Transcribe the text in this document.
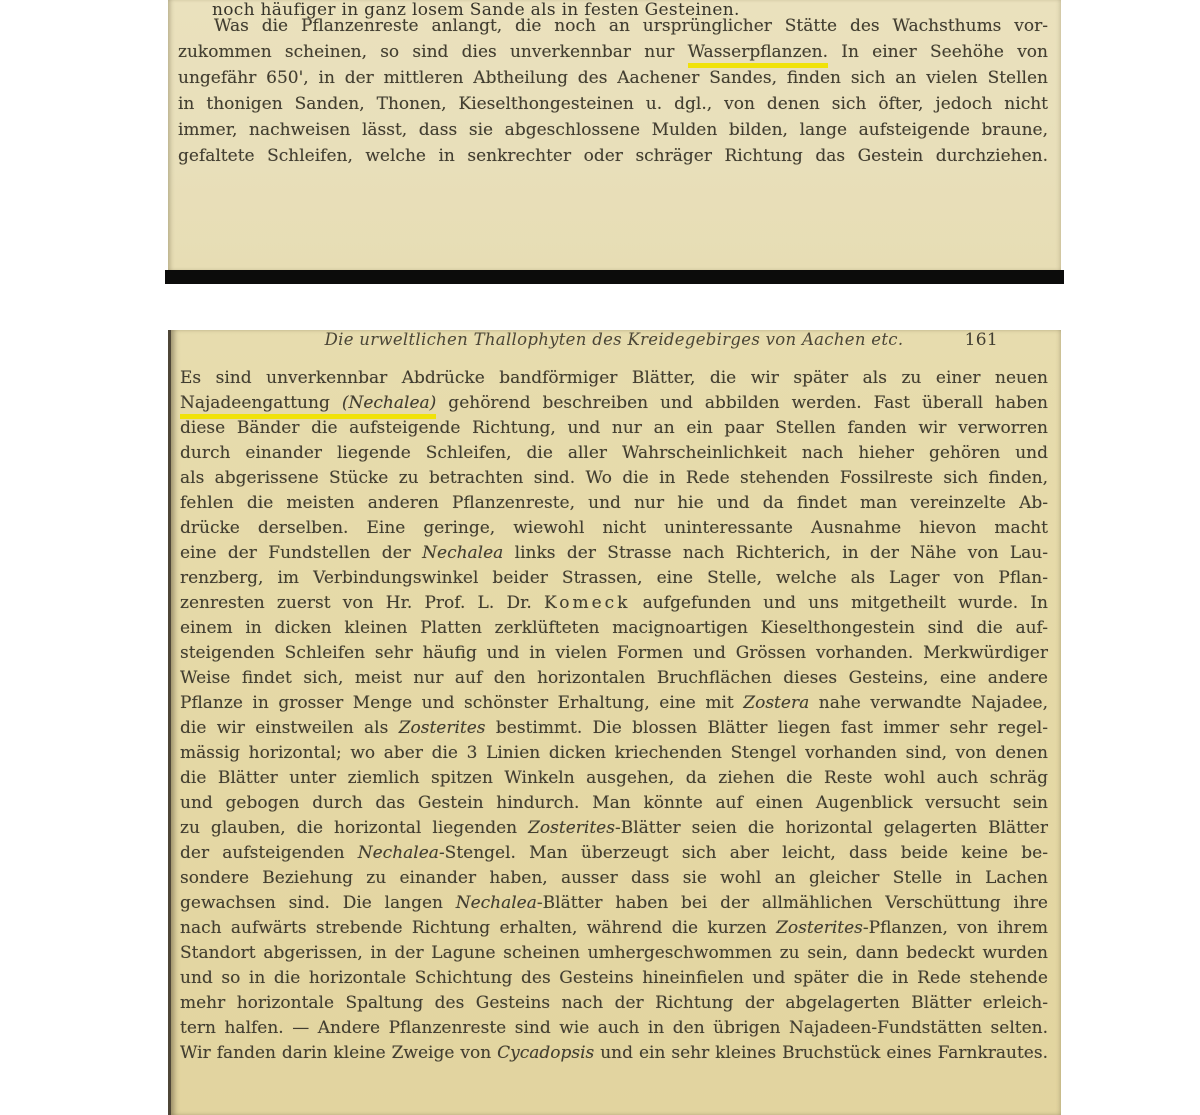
noch häufiger in ganz losem Sande als in festen Gesteinen.
Was die Pflanzenreste anlangt, die noch an ursprünglicher Stätte des Wachsthums vor-
zukommen scheinen, so sind dies unverkennbar nur Wasserpflanzen. In einer Seehöhe von
ungefähr 650', in der mittleren Abtheilung des Aachener Sandes, finden sich an vielen Stellen
in thonigen Sanden, Thonen, Kieselthongesteinen u. dgl., von denen sich öfter, jedoch nicht
immer, nachweisen lässt, dass sie abgeschlossene Mulden bilden, lange aufsteigende braune,
gefaltete Schleifen, welche in senkrechter oder schräger Richtung das Gestein durchziehen.
Die urweltlichen Thallophyten des Kreidegebirges von Aachen etc.	161
Es sind unverkennbar Abdrücke bandförmiger Blätter, die wir später als zu einer neuen
Najadeengattung (Nechalea) gehörend beschreiben und abbilden werden. Fast überall haben
diese Bänder die aufsteigende Richtung, und nur an ein paar Stellen fanden wir verworren
durch einander liegende Schleifen, die aller Wahrscheinlichkeit nach hieher gehören und
als abgerissene Stücke zu betrachten sind. Wo die in Rede stehenden Fossilreste sich finden,
fehlen die meisten anderen Pflanzenreste, und nur hie und da findet man vereinzelte Ab-
drücke derselben. Eine geringe, wiewohl nicht uninteressante Ausnahme hievon macht
eine der Fundstellen der Nechalea links der Strasse nach Richterich, in der Nähe von Lau-
renzberg, im Verbindungswinkel beider Strassen, eine Stelle, welche als Lager von Pflan-
zenresten zuerst von Hr. Prof. L. Dr. Komeck aufgefunden und uns mitgetheilt wurde. In
einem in dicken kleinen Platten zerklüfteten macignoartigen Kieselthongestein sind die auf-
steigenden Schleifen sehr häufig und in vielen Formen und Grössen vorhanden. Merkwürdiger
Weise findet sich, meist nur auf den horizontalen Bruchflächen dieses Gesteins, eine andere
Pflanze in grosser Menge und schönster Erhaltung, eine mit Zostera nahe verwandte Najadee,
die wir einstweilen als Zosterites bestimmt. Die blossen Blätter liegen fast immer sehr regel-
mässig horizontal; wo aber die 3 Linien dicken kriechenden Stengel vorhanden sind, von denen
die Blätter unter ziemlich spitzen Winkeln ausgehen, da ziehen die Reste wohl auch schräg
und gebogen durch das Gestein hindurch. Man könnte auf einen Augenblick versucht sein
zu glauben, die horizontal liegenden Zosterites-Blätter seien die horizontal gelagerten Blätter
der aufsteigenden Nechalea-Stengel. Man überzeugt sich aber leicht, dass beide keine be-
sondere Beziehung zu einander haben, ausser dass sie wohl an gleicher Stelle in Lachen
gewachsen sind. Die langen Nechalea-Blätter haben bei der allmählichen Verschüttung ihre
nach aufwärts strebende Richtung erhalten, während die kurzen Zosterites-Pflanzen, von ihrem
Standort abgerissen, in der Lagune scheinen umhergeschwommen zu sein, dann bedeckt wurden
und so in die horizontale Schichtung des Gesteins hineinfielen und später die in Rede stehende
mehr horizontale Spaltung des Gesteins nach der Richtung der abgelagerten Blätter erleich-
tern halfen. — Andere Pflanzenreste sind wie auch in den übrigen Najadeen-Fundstätten selten.
Wir fanden darin kleine Zweige von Cycadopsis und ein sehr kleines Bruchstück eines Farnkrautes.
